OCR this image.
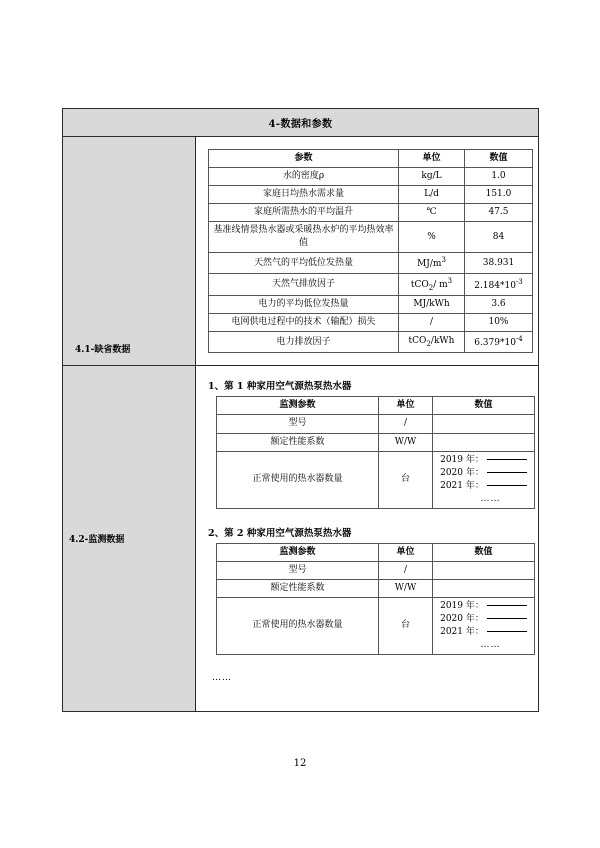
4-数据和参数

4.1-缺省数据

参数	单位	数值
水的密度ρ	kg/L	1.0
家庭日均热水需求量	L/d	151.0
家庭所需热水的平均温升	℃	47.5
基准线情景热水器或采暖热水炉的平均热效率值	%	84
天然气的平均低位发热量	$MJ/m^3$	38.931
天然气排放因子	tCO$_2$/ $m^3$	$2.184*10^{-3}$
电力的平均低位发热量	MJ/kWh	3.6
电网供电过程中的技术（输配）损失	/	10%
电力排放因子	tCO$_2$/kWh	$6.379*10^{-4}$

4.2-监测数据

1、第 1 种家用空气源热泵热水器
监测参数	单位	数值
型号	/	
额定性能系数	W/W	
正常使用的热水器数量	台	
2019 年：
2020 年：
2021 年：
……
2、第 2 种家用空气源热泵热水器
监测参数	单位	数值
型号	/	
额定性能系数	W/W	
正常使用的热水器数量	台	
2019 年：
2020 年：
2021 年：
……
……
12
